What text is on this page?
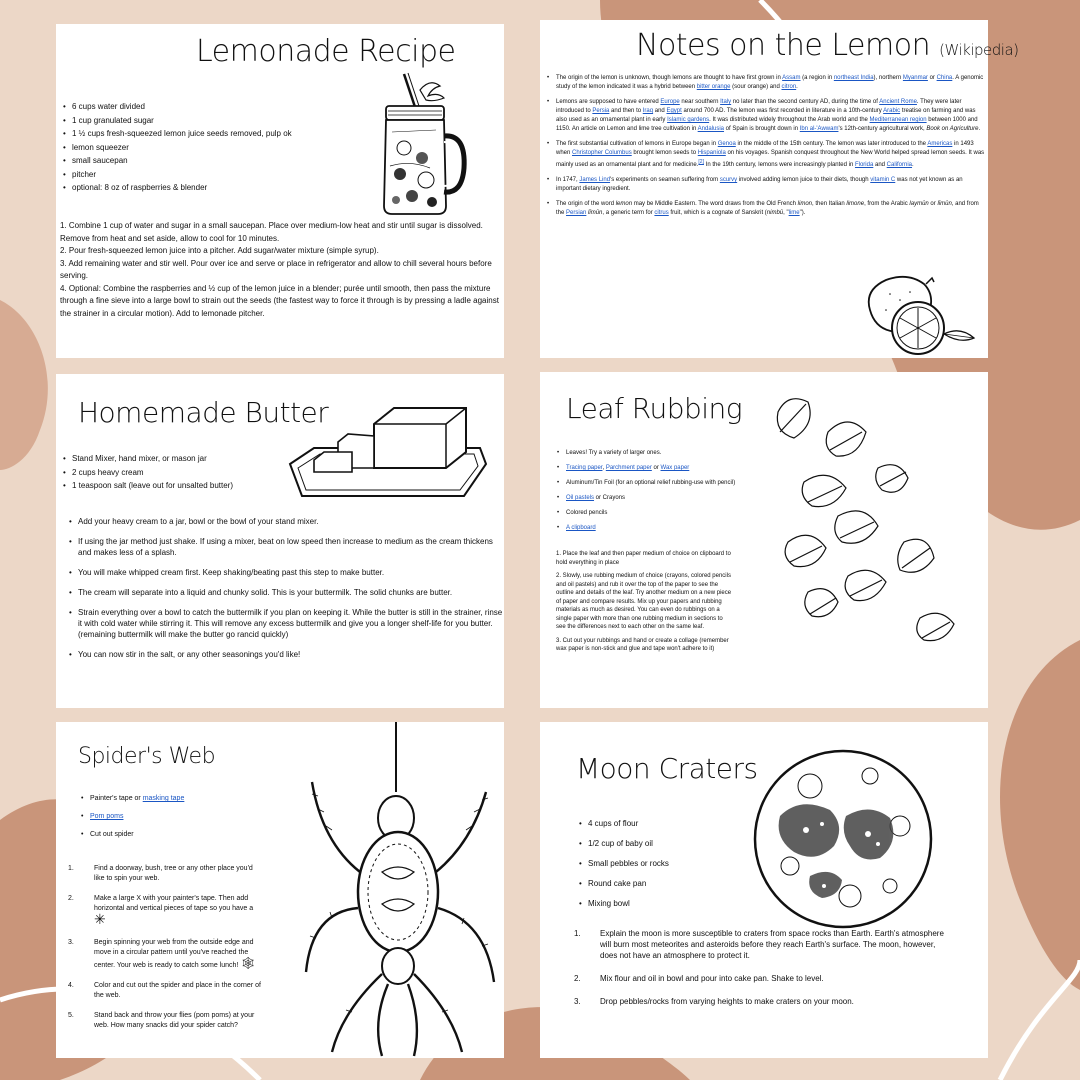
Lemonade Recipe
• 6 cups water divided
• 1 cup granulated sugar
• 1 ½ cups fresh-squeezed lemon juice seeds removed, pulp ok
• lemon squeezer
• small saucepan
• pitcher
• optional: 8 oz of raspberries & blender

1. Combine 1 cup of water and sugar in a small saucepan. Place over medium-low heat and stir until sugar is dissolved. Remove from heat and set aside, allow to cool for 10 minutes.

2. Pour fresh-squeezed lemon juice into a pitcher. Add sugar/water mixture (simple syrup).

3. Add remaining water and stir well. Pour over ice and serve or place in refrigerator and allow to chill several hours before serving.

4. Optional: Combine the raspberries and ½ cup of the lemon juice in a blender; purée until smooth, then pass the mixture through a fine sieve into a large bowl to strain out the seeds (the fastest way to force it through is by pressing a ladle against the strainer in a circular motion). Add to lemonade pitcher.

Notes on the Lemon (Wikipedia)
• The origin of the lemon is unknown, though lemons are thought to have first grown in Assam (a region in northeast India), northern Myanmar or China. A genomic study of the lemon indicated it was a hybrid between bitter orange (sour orange) and citron.
• Lemons are supposed to have entered Europe near southern Italy no later than the second century AD, during the time of Ancient Rome. They were later introduced to Persia and then to Iraq and Egypt around 700 AD. The lemon was first recorded in literature in a 10th-century Arabic treatise on farming and was also used as an ornamental plant in early Islamic gardens. It was distributed widely throughout the Arab world and the Mediterranean region between 1000 and 1150. An article on Lemon and lime tree cultivation in Andalusia of Spain is brought down in Ibn al-'Awwam's 12th-century agricultural work, Book on Agriculture.
• The first substantial cultivation of lemons in Europe began in Genoa in the middle of the 15th century. The lemon was later introduced to the Americas in 1493 when Christopher Columbus brought lemon seeds to Hispaniola on his voyages. Spanish conquest throughout the New World helped spread lemon seeds. It was mainly used as an ornamental plant and for medicine.[2] In the 19th century, lemons were increasingly planted in Florida and California.
• In 1747, James Lind's experiments on seamen suffering from scurvy involved adding lemon juice to their diets, though vitamin C was not yet known as an important dietary ingredient.
• The origin of the word lemon may be Middle Eastern. The word draws from the Old French limon, then Italian limone, from the Arabic laymūn or līmūn, and from the Persian līmūn, a generic term for citrus fruit, which is a cognate of Sanskrit (nimbū, "lime").
Homemade Butter
• Stand Mixer, hand mixer, or mason jar
• 2 cups heavy cream
• 1 teaspoon salt (leave out for unsalted butter)
• Add your heavy cream to a jar, bowl or the bowl of your stand mixer.
• If using the jar method just shake. If using a mixer, beat on low speed then increase to medium as the cream thickens and makes less of a splash.
• You will make whipped cream first. Keep shaking/beating past this step to make butter.
• The cream will separate into a liquid and chunky solid. This is your buttermilk. The solid chunks are butter.
• Strain everything over a bowl to catch the buttermilk if you plan on keeping it. While the butter is still in the strainer, rinse it with cold water while stirring it. This will remove any excess buttermilk and give you a longer shelf-life for you butter. (remaining buttermilk will make the butter go rancid quickly)
• You can now stir in the salt, or any other seasonings you'd like!
Leaf Rubbing
• Leaves! Try a variety of larger ones.
• Tracing paper, Parchment paper or Wax paper
• Aluminum/Tin Foil (for an optional relief rubbing-use with pencil)
• Oil pastels or Crayons
• Colored pencils
• A clipboard

1. Place the leaf and then paper medium of choice on clipboard to hold everything in place

2. Slowly, use rubbing medium of choice (crayons, colored pencils and oil pastels) and rub it over the top of the paper to see the outline and details of the leaf. Try another medium on a new piece of paper and compare results. Mix up your papers and rubbing materials as much as desired. You can even do rubbings on a single paper with more than one rubbing medium in sections to see the differences next to each other on the same leaf.

3. Cut out your rubbings and hand or create a collage (remember wax paper is non-stick and glue and tape won't adhere to it)

Spider's Web
• Painter's tape or masking tape
• Pom poms
• Cut out spider
1.	Find a doorway, bush, tree or any other place you'd like to spin your web.
2.	Make a large X with your painter's tape. Then add horizontal and vertical pieces of tape so you have a ✳
3.	Begin spinning your web from the outside edge and move in a circular pattern until you've reached the center. Your web is ready to catch some lunch! 🕸
4.	Color and cut out the spider and place in the corner of the web.
5.	Stand back and throw your flies (pom poms) at your web. How many snacks did your spider catch?
Moon Craters
• 4 cups of flour
• 1/2 cup of baby oil
• Small pebbles or rocks
• Round cake pan
• Mixing bowl
1. Explain the moon is more susceptible to craters from space rocks than Earth. Earth's atmosphere will burn most meteorites and asteroids before they reach Earth's surface. The moon, however, does not have an atmosphere to protect it.
2. Mix flour and oil in bowl and pour into cake pan. Shake to level.
3. Drop pebbles/rocks from varying heights to make craters on your moon.
